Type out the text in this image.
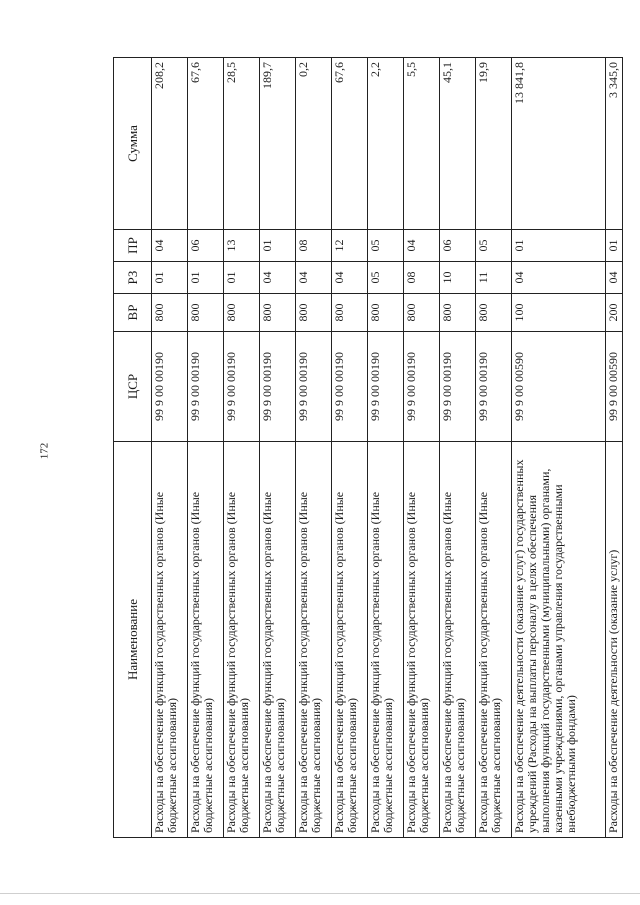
172
Наименование	ЦСР	ВР	РЗ	ПР	Сумма
Расходы на обеспечение функций государственных органов (Иные бюджетные ассигнования)	99 9 00 00190	800	01	04	208,2
Расходы на обеспечение функций государственных органов (Иные бюджетные ассигнования)	99 9 00 00190	800	01	06	67,6
Расходы на обеспечение функций государственных органов (Иные бюджетные ассигнования)	99 9 00 00190	800	01	13	28,5
Расходы на обеспечение функций государственных органов (Иные бюджетные ассигнования)	99 9 00 00190	800	04	01	189,7
Расходы на обеспечение функций государственных органов (Иные бюджетные ассигнования)	99 9 00 00190	800	04	08	0,2
Расходы на обеспечение функций государственных органов (Иные бюджетные ассигнования)	99 9 00 00190	800	04	12	67,6
Расходы на обеспечение функций государственных органов (Иные бюджетные ассигнования)	99 9 00 00190	800	05	05	2,2
Расходы на обеспечение функций государственных органов (Иные бюджетные ассигнования)	99 9 00 00190	800	08	04	5,5
Расходы на обеспечение функций государственных органов (Иные бюджетные ассигнования)	99 9 00 00190	800	10	06	45,1
Расходы на обеспечение функций государственных органов (Иные бюджетные ассигнования)	99 9 00 00190	800	11	05	19,9
Расходы на обеспечение деятельности (оказание услуг) государственных учреждений (Расходы на выплаты персоналу в целях обеспечения выполнения функций государственными (муниципальными) органами, казенными учреждениями, органами управления государственными внебюджетными фондами)	99 9 00 00590	100	04	01	13 841,8
Расходы на обеспечение деятельности (оказание услуг)	99 9 00 00590	200	04	01	3 345,0
